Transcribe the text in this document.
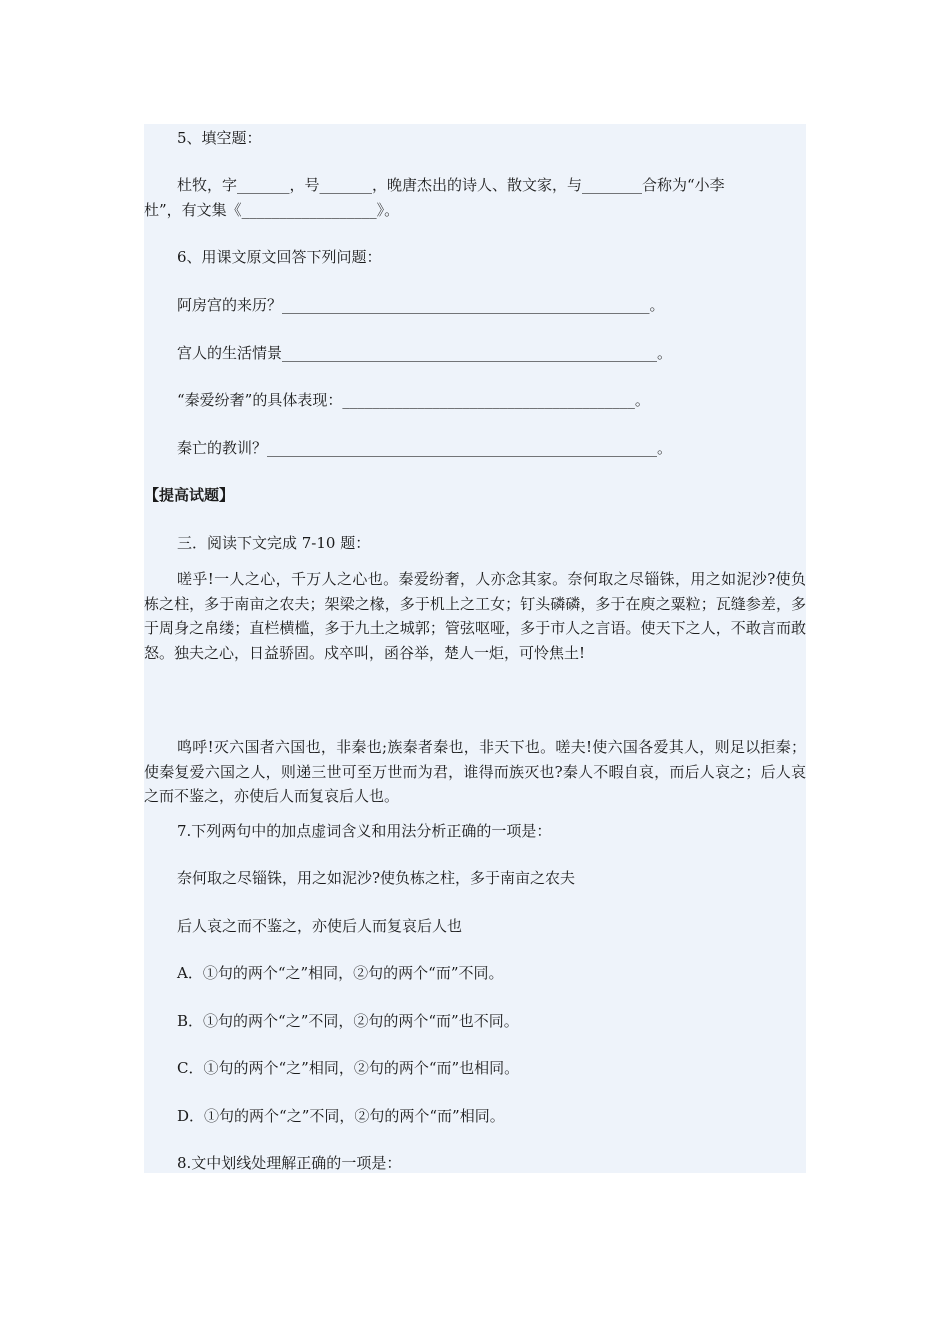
5、填空题：
杜牧，字_______，号_______，晚唐杰出的诗人、散文家，与________合称为“小李
杜”，有文集《__________________》。
6、用课文原文回答下列问题：
阿房宫的来历？_________________________________________________。
宫人的生活情景__________________________________________________。
“秦爱纷奢”的具体表现：_______________________________________。
秦亡的教训？____________________________________________________。
【提高试题】
三．阅读下文完成 7-10 题：
嗟乎!一人之心，千万人之心也。秦爱纷奢，人亦念其家。奈何取之尽锱铢，用之如泥沙?使负栋之柱，多于南亩之农夫；架梁之椽，多于机上之工女；钉头磷磷，多于在庾之粟粒；瓦缝参差，多于周身之帛缕；直栏横槛，多于九土之城郭；管弦呕哑，多于市人之言语。使天下之人，不敢言而敢怒。独夫之心，日益骄固。戍卒叫，函谷举，楚人一炬，可怜焦土!
鸣呼!灭六国者六国也，非秦也;族秦者秦也，非天下也。嗟夫!使六国各爱其人，则足以拒秦；使秦复爱六国之人，则递三世可至万世而为君，谁得而族灭也?秦人不暇自哀，而后人哀之；后人哀之而不鉴之，亦使后人而复哀后人也。
7.下列两句中的加点虚词含义和用法分析正确的一项是：
奈何取之尽锱铢，用之如泥沙?使负栋之柱，多于南亩之农夫
后人哀之而不鉴之，亦使后人而复哀后人也
A．①句的两个“之”相同，②句的两个“而”不同。
B．①句的两个“之”不同，②句的两个“而”也不同。
C．①句的两个“之”相同，②句的两个“而”也相同。
D．①句的两个“之”不同，②句的两个“而”相同。
8.文中划线处理解正确的一项是：
